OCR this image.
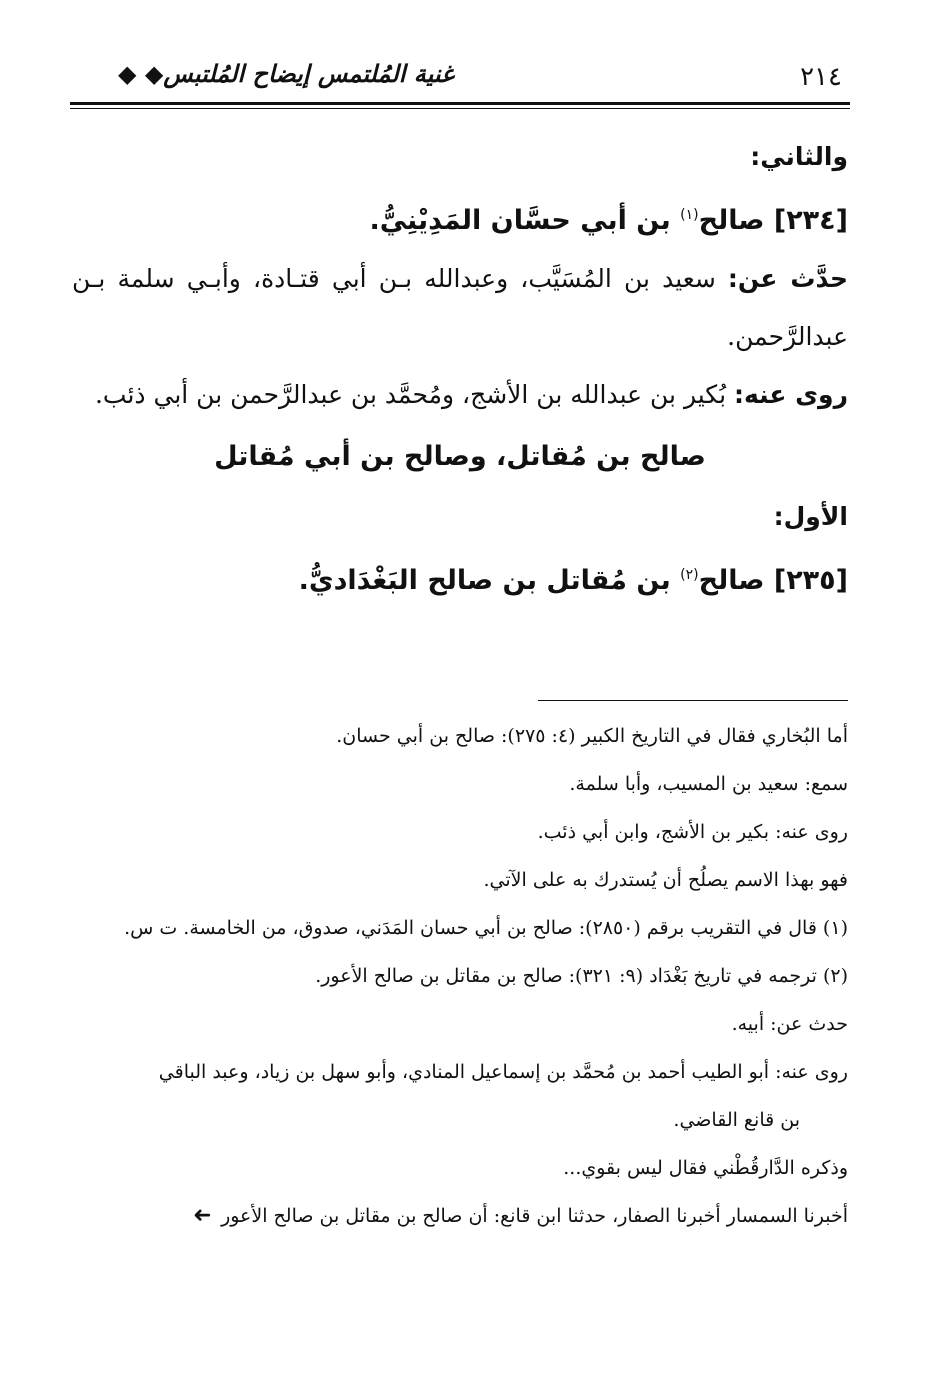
٢١٤
غنية المُلتمس إيضاح المُلتبس◆ ◆

والثاني:

[٢٣٤] صالح$^{(١)}$ بن أبي حسَّان المَدِيْنِيُّ.

حدَّث عن: سعيد بن المُسَيَّب، وعبدالله بـن أبي قتـادة، وأبـي سلمة بـن عبدالرَّحمن.

روى عنه: بُكير بن عبدالله بن الأشج، ومُحمَّد بن عبدالرَّحمن بن أبي ذئب.

صالح بن مُقاتل، وصالح بن أبي مُقاتل

الأول:

[٢٣٥] صالح$^{(٢)}$ بن مُقاتل بن صالح البَغْدَاديُّ.

أما البُخاري فقال في التاريخ الكبير (٤: ٢٧٥): صالح بن أبي حسان.

سمع: سعيد بن المسيب، وأبا سلمة.

روى عنه: بكير بن الأشج، وابن أبي ذئب.

فهو بهذا الاسم يصلُح أن يُستدرك به على الآتي.

(١) قال في التقريب برقم (٢٨٥٠): صالح بن أبي حسان المَدَني، صدوق، من الخامسة. ت س.

(٢) ترجمه في تاريخ بَغْدَاد (٩: ٣٢١): صالح بن مقاتل بن صالح الأعور.

حدث عن: أبيه.

روى عنه: أبو الطيب أحمد بن مُحمَّد بن إسماعيل المنادي، وأبو سهل بن زياد، وعبد الباقي

بن قانع القاضي.

وذكره الدَّارقُطْني فقال ليس بقوي...

أخبرنا السمسار أخبرنا الصفار، حدثنا ابن قانع: أن صالح بن مقاتل بن صالح الأعور➜
